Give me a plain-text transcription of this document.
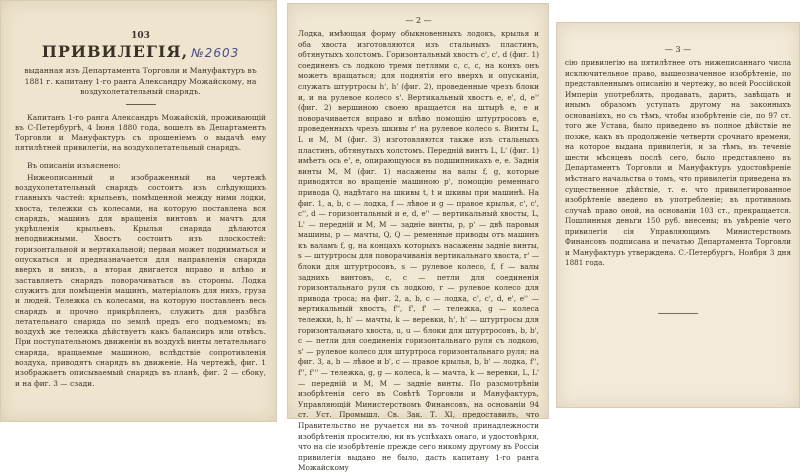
103
ПРИВИЛЕГІЯ, №2603
выданная изъ Департамента Торговли и Мануфактуръ въ 1881 г. капитану 1-го ранга Александру Можайскому, на воздухолетательный снарядъ.

Капитанъ 1-го ранга Александръ Можайскій, проживающій въ С-Петербургѣ, 4 Іюня 1880 года, вошелъ въ Департаментъ Торговли и Мануфактуръ съ прошеніемъ о выдачѣ ему пятилѣтней привилегіи, на воздухолетательный снарядъ.

Въ описаніи изъяснено:

Нижеописанный и изображенный на чертежѣ воздухолетательный снарядъ состоитъ изъ слѣдующихъ главныхъ частей: крыльевъ, помѣщенной между ними лодки, хвоста, тележки съ колесами, на которую поставлена вся снарядъ, машинъ для вращенія винтовъ и мачтъ для укрѣпленія крыльевъ. Крылья снаряда дѣлаются неподвижными. Хвостъ состоитъ изъ плоскостей: горизонтальной и вертикальной; первая может подниматься и опускаться и предназначается для направленія снаряда вверхъ и внизъ, а вторая двигается вправо и влѣво и заставляетъ снарядъ поворачиваться въ стороны. Лодка служитъ для помѣщенія машинъ, матеріаловъ для нихъ, груза и людей. Тележка съ колесами, на которую поставленъ весь снарядъ и прочно прикрѣпленъ, служитъ для разбѣга летательнаго снаряда по землѣ предъ его подъемомъ; въ воздухѣ же тележка дѣйствуетъ какъ балансиръ или отвѣсъ. При поступательномъ движеніи въ воздухѣ винты летательнаго снаряда, вращаемые машиною, вслѣдствіе сопротивленія воздуха, приводятъ снарядъ въ движеніе. На чертежѣ, фиг. 1 изображаетъ описываемый снарядъ въ планѣ, фиг. 2 — сбоку, и на фиг. 3 — сзади.

— 2 —

Лодка, имѣющая форму обыкновенныхъ лодокъ, крылья и оба хвоста изготовляются изъ стальныхъ пластинъ, обтянутыхъ холстомъ. Горизонтальный хвостъ с', с', d (фиг. 1) соединенъ съ лодкою тремя петлями с, с, с, на конхъ онъ можетъ вращаться; для поднятія его вверхъ и опусканія, служатъ штуртросы h', h' (фиг. 2), проведенные чрезъ блоки и, и на рулевое колесо s'. Вертикальный хвостъ е, е', d, е'' (фиг. 2) вершиною своею вращается на штырѣ е, е и поворачивается вправо и влѣво помощію штуртросовъ е, проведенныхъ чрезъ шкивы r' на рулевое колесо s. Винты L, L и M, M (фиг. 3) изготовляются также изъ стальныхъ пластинъ, обтянутыхъ холстомъ. Передній винтъ L, L' (фиг. 1) имѣетъ ось е', е, опирающуюся въ подшипникахъ е, е. Заднія винты M, M (фиг. 1) насажены на валы f, g, которые приводятся во вращеніе машиною р', помощію ременнаго привода Q, надѣтаго на шкивы t, t и шкивы при машинѣ. На фиг. 1, a, b, c — лодка, f — лѣвое и g — правое крылья, с', с', с'', d — горизонтальный и е, d, е'' — вертикальный хвосты, L, L' — передній и M, M — задніе винты, p, p' — двѣ паровыя машины, р — мачты, Q, Q — ременные приводы отъ машинъ къ валамъ f, g, на концахъ которыхъ насажены задніе винты, s — штуртросы для поворачиванія вертикальнаго хвоста, r' — блоки для штуртросовъ, s — рулевое колесо, f, f — валы заднихъ винтовъ, с, с — петли для соединенія горизонтальнаго руля съ лодкою, r — рулевое колесо для привода троса; на фиг. 2, a, b, c — лодка, с', с', d, е', е'' — вертикальный хвостъ, f'', f', f' — тележка, g — колеса тележки, h, h' — мачты, k — веревки, h', h' — штуртросы для горизонтальнаго хвоста, u, u — блоки для штуртросовъ, b, b', с — петли для соединенія горизонтальнаго руля съ лодкою, s' — рулевое колесо для штуртроса горизонтальнаго руля; на фиг. 3, a, b — лѣвое и b', c — правое крылья, b, b' — лодка, f'', f'', f''' — тележка, g, g — колеса, k — мачта, k — веревки, L, L' — передній и M, M — задніе винты. По разсмотрѣніи изобрѣтенія сего въ Совѣтѣ Торговли и Мануфактуръ, Управляющій Министерствомъ Финансовъ, на основаніи 94 ст. Уст. Промышл. Св. Зак. Т. XI, предоставилъ, что Правительство не ручается ни въ точной принадлежности изобрѣтенія просителю, ни въ успѣхахъ онаго, и удостовѣряя, что на сіе изобрѣтеніе прежде сего никому другому въ Россіи привилегія выдано не было, дасть капитану 1-го ранга Можайскому

— 3 —

сію привилегію на пятилѣтнее отъ нижеписаннаго числа исключительное право, вышеозначенное изобрѣтеніе, по представленнымъ описанію и чертежу, во всей Россійской Имперіи употреблять, продавать, дарить, завѣщать и инымъ образомъ уступать другому на законныхъ основаніяхъ, но съ тѣмъ, чтобы изобрѣтеніе сіе, по 97 ст. того же Устава, было приведено въ полное дѣйствіе не позже, какъ въ продолженіе четверти срочнаго времени, на которое выдана привилегія, и за тѣмъ, въ теченіе шести мѣсяцевъ послѣ сего, было представлено въ Департаментъ Торговли и Мануфактуръ удостовѣреніе мѣстнаго начальства о томъ, что привилегія приведена въ существенное дѣйствіе, т. е. что привилегированное изобрѣтеніе введено въ употребленіе; въ противномъ случаѣ право оной, на основаніи 103 ст., прекращается. Пошлинныя деньги 150 руб. внесены; въ увѣреніе чего привилегія сія Управляющимъ Министерствомъ Финансовъ подписана и печатью Департамента Торговли и Мануфактуръ утверждена. С.-Петербургъ, Ноября 3 дня 1881 года.
